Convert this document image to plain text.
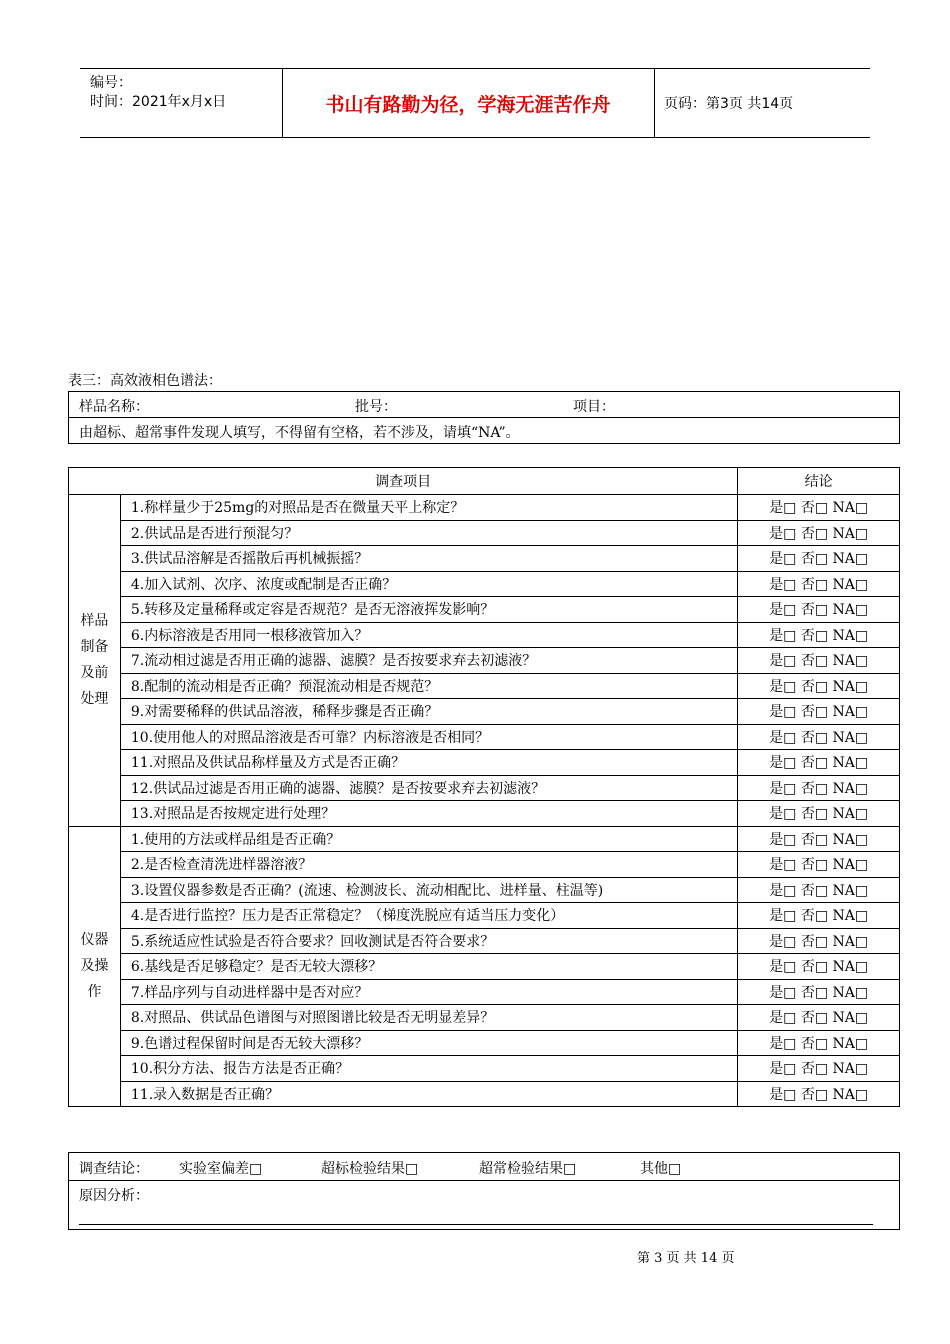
编号：
时间：2021年x月x日	书山有路勤为径，学海无涯苦作舟	页码：第3页 共14页
表三：高效液相色谱法：
样品名称：	批号：	项目：
由超标、超常事件发现人填写，不得留有空格，若不涉及，请填“NA”。
调查项目		结论

样品制备及前处理	1.称样量少于25mg的对照品是否在微量天平上称定？	是□ 否□ NA□
	2.供试品是否进行预混匀？	是□ 否□ NA□
	3.供试品溶解是否摇散后再机械振摇？	是□ 否□ NA□
	4.加入试剂、次序、浓度或配制是否正确？	是□ 否□ NA□
	5.转移及定量稀释或定容是否规范？是否无溶液挥发影响？	是□ 否□ NA□
	6.内标溶液是否用同一根移液管加入？	是□ 否□ NA□
	7.流动相过滤是否用正确的滤器、滤膜？是否按要求弃去初滤液？	是□ 否□ NA□
	8.配制的流动相是否正确？预混流动相是否规范？	是□ 否□ NA□
	9.对需要稀释的供试品溶液，稀释步骤是否正确？	是□ 否□ NA□
	10.使用他人的对照品溶液是否可靠？内标溶液是否相同？	是□ 否□ NA□
	11.对照品及供试品称样量及方式是否正确？	是□ 否□ NA□
	12.供试品过滤是否用正确的滤器、滤膜？是否按要求弃去初滤液？	是□ 否□ NA□
	13.对照品是否按规定进行处理？	是□ 否□ NA□

仪器及操作	1.使用的方法或样品组是否正确？	是□ 否□ NA□
	2.是否检查清洗进样器溶液？	是□ 否□ NA□
	3.设置仪器参数是否正确？(流速、检测波长、流动相配比、进样量、柱温等)	是□ 否□ NA□
	4.是否进行监控？压力是否正常稳定？（梯度洗脱应有适当压力变化）	是□ 否□ NA□
	5.系统适应性试验是否符合要求？回收测试是否符合要求？	是□ 否□ NA□
	6.基线是否足够稳定？是否无较大漂移？	是□ 否□ NA□
	7.样品序列与自动进样器中是否对应？	是□ 否□ NA□
	8.对照品、供试品色谱图与对照图谱比较是否无明显差异？	是□ 否□ NA□
	9.色谱过程保留时间是否无较大漂移？	是□ 否□ NA□
	10.积分方法、报告方法是否正确？	是□ 否□ NA□
	11.录入数据是否正确？	是□ 否□ NA□
调查结论： 实验室偏差□	超标检验结果□	超常检验结果□	其他□
原因分析：
第 3 页 共 14 页
